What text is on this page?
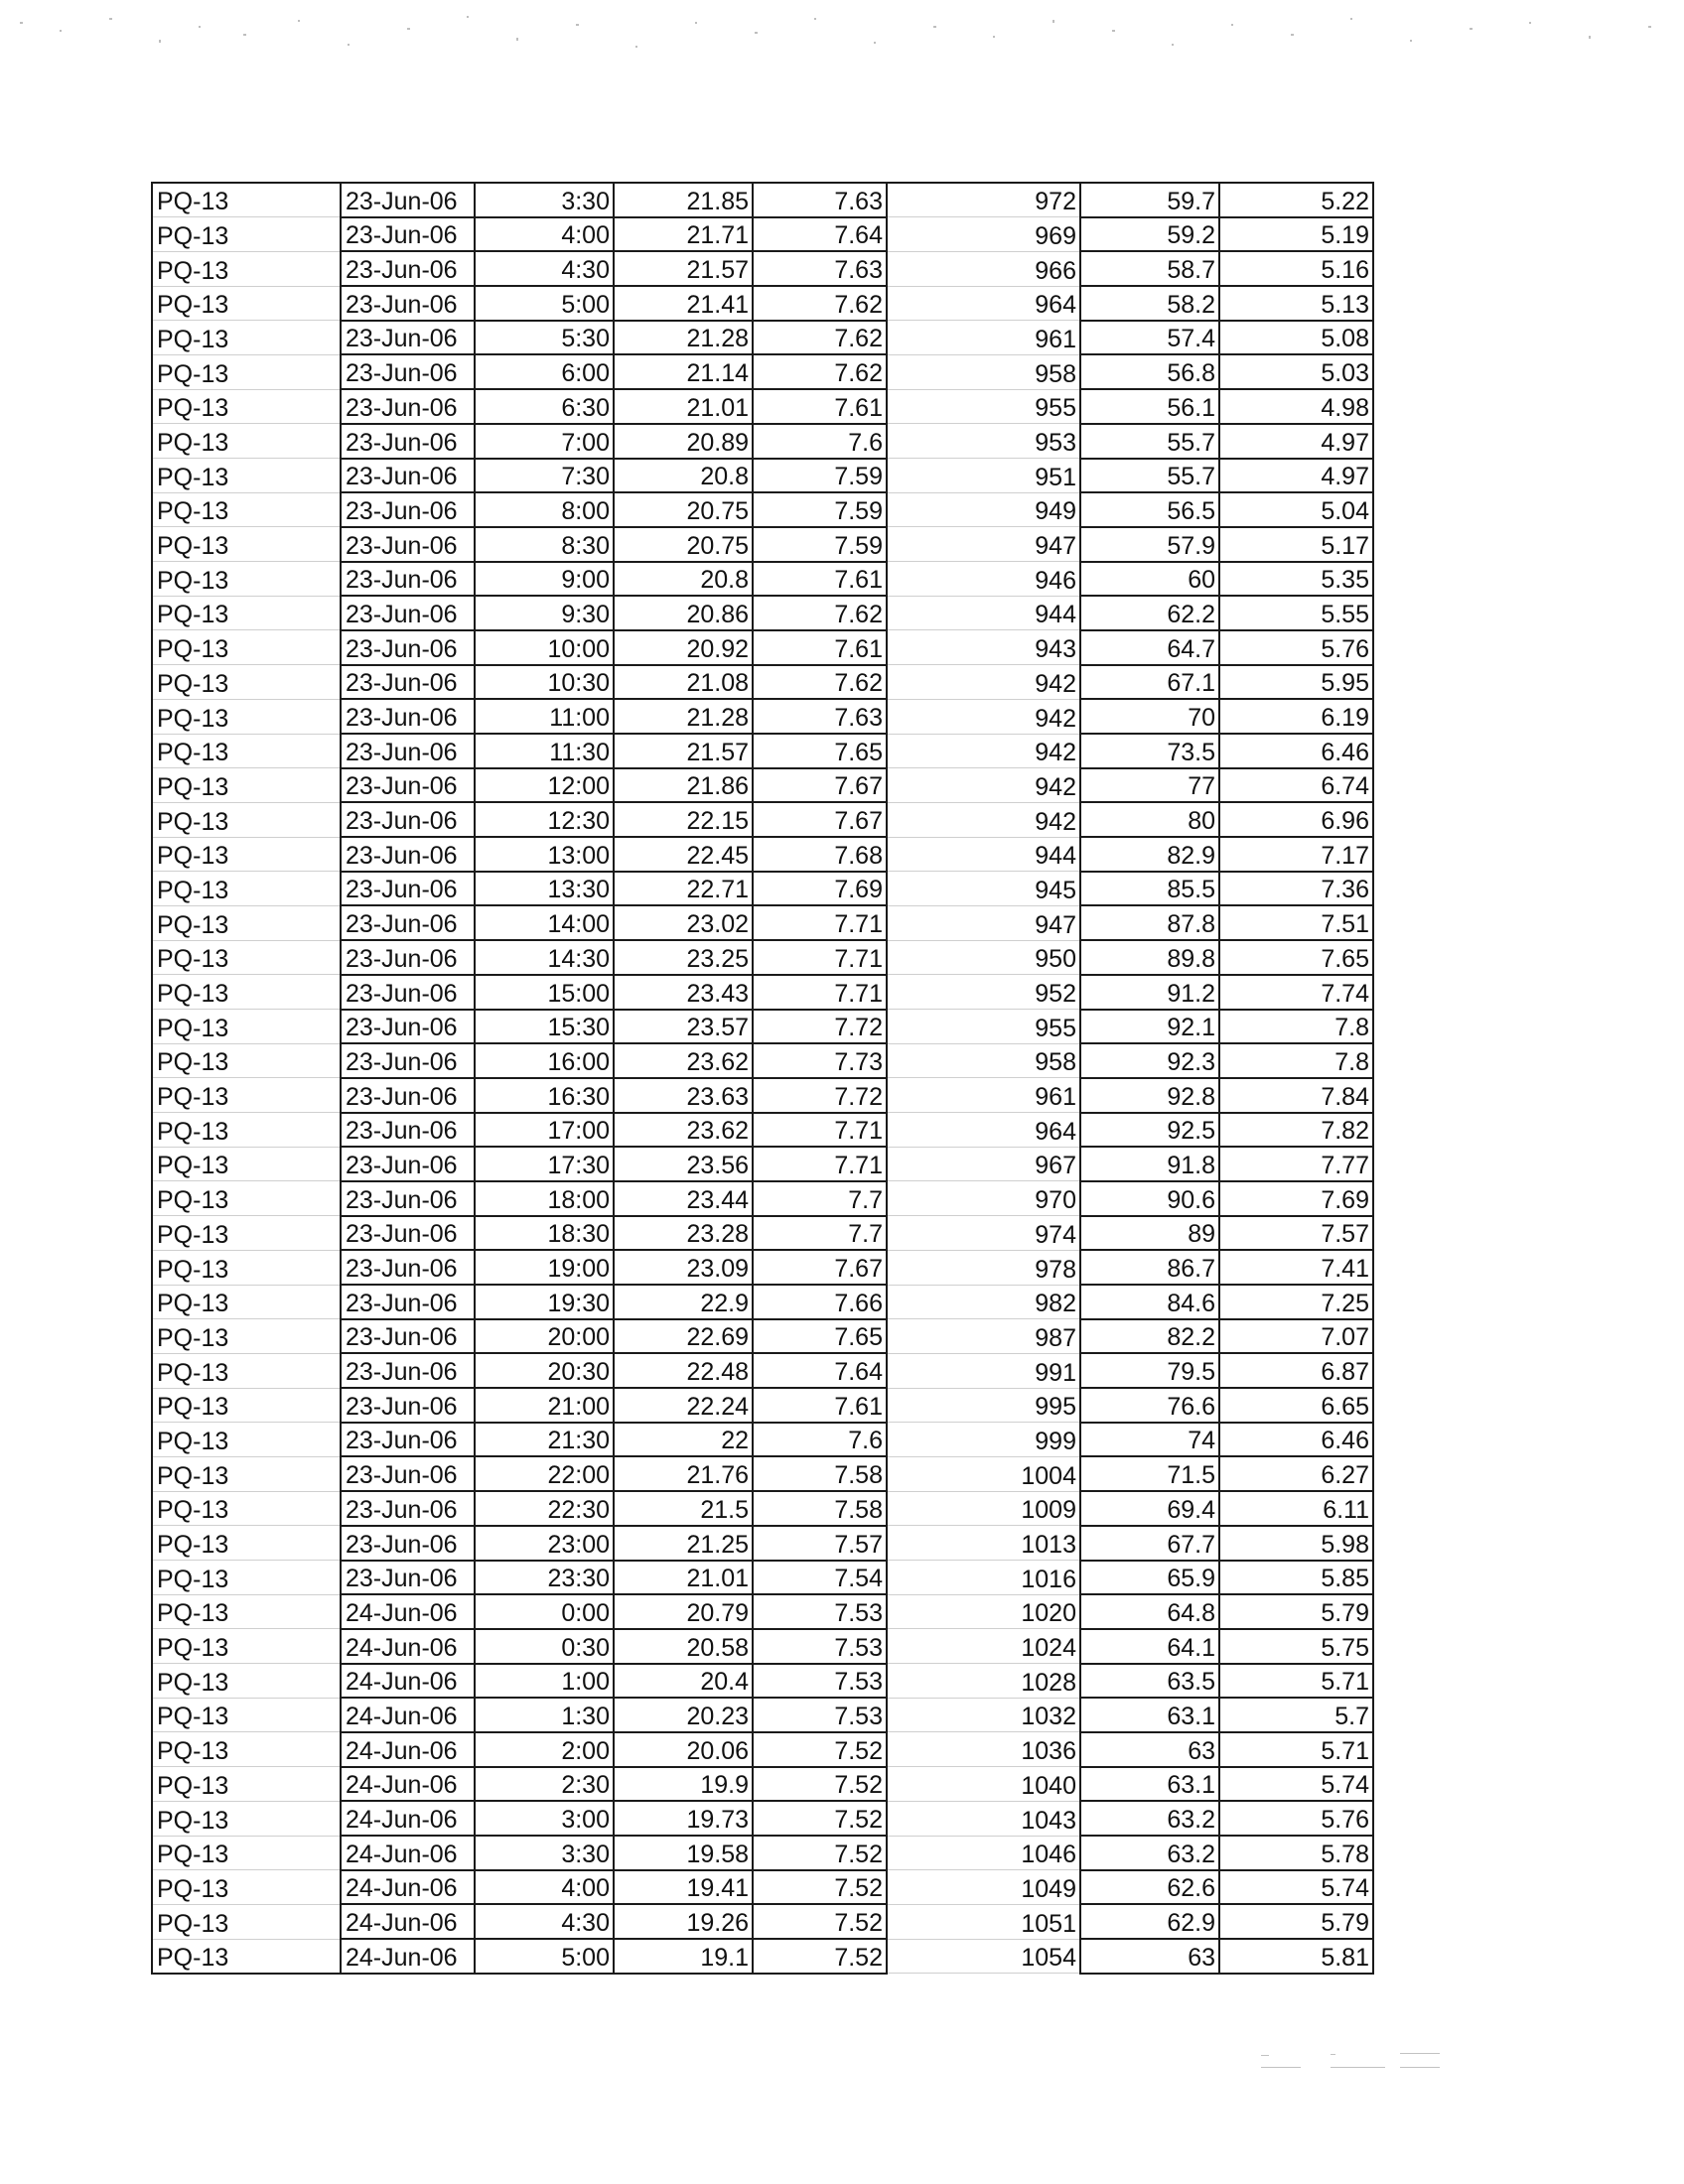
PQ-13	23-Jun-06	3:30	21.85	7.63	972	59.7	5.22
PQ-13	23-Jun-06	4:00	21.71	7.64	969	59.2	5.19
PQ-13	23-Jun-06	4:30	21.57	7.63	966	58.7	5.16
PQ-13	23-Jun-06	5:00	21.41	7.62	964	58.2	5.13
PQ-13	23-Jun-06	5:30	21.28	7.62	961	57.4	5.08
PQ-13	23-Jun-06	6:00	21.14	7.62	958	56.8	5.03
PQ-13	23-Jun-06	6:30	21.01	7.61	955	56.1	4.98
PQ-13	23-Jun-06	7:00	20.89	7.6	953	55.7	4.97
PQ-13	23-Jun-06	7:30	20.8	7.59	951	55.7	4.97
PQ-13	23-Jun-06	8:00	20.75	7.59	949	56.5	5.04
PQ-13	23-Jun-06	8:30	20.75	7.59	947	57.9	5.17
PQ-13	23-Jun-06	9:00	20.8	7.61	946	60	5.35
PQ-13	23-Jun-06	9:30	20.86	7.62	944	62.2	5.55
PQ-13	23-Jun-06	10:00	20.92	7.61	943	64.7	5.76
PQ-13	23-Jun-06	10:30	21.08	7.62	942	67.1	5.95
PQ-13	23-Jun-06	11:00	21.28	7.63	942	70	6.19
PQ-13	23-Jun-06	11:30	21.57	7.65	942	73.5	6.46
PQ-13	23-Jun-06	12:00	21.86	7.67	942	77	6.74
PQ-13	23-Jun-06	12:30	22.15	7.67	942	80	6.96
PQ-13	23-Jun-06	13:00	22.45	7.68	944	82.9	7.17
PQ-13	23-Jun-06	13:30	22.71	7.69	945	85.5	7.36
PQ-13	23-Jun-06	14:00	23.02	7.71	947	87.8	7.51
PQ-13	23-Jun-06	14:30	23.25	7.71	950	89.8	7.65
PQ-13	23-Jun-06	15:00	23.43	7.71	952	91.2	7.74
PQ-13	23-Jun-06	15:30	23.57	7.72	955	92.1	7.8
PQ-13	23-Jun-06	16:00	23.62	7.73	958	92.3	7.8
PQ-13	23-Jun-06	16:30	23.63	7.72	961	92.8	7.84
PQ-13	23-Jun-06	17:00	23.62	7.71	964	92.5	7.82
PQ-13	23-Jun-06	17:30	23.56	7.71	967	91.8	7.77
PQ-13	23-Jun-06	18:00	23.44	7.7	970	90.6	7.69
PQ-13	23-Jun-06	18:30	23.28	7.7	974	89	7.57
PQ-13	23-Jun-06	19:00	23.09	7.67	978	86.7	7.41
PQ-13	23-Jun-06	19:30	22.9	7.66	982	84.6	7.25
PQ-13	23-Jun-06	20:00	22.69	7.65	987	82.2	7.07
PQ-13	23-Jun-06	20:30	22.48	7.64	991	79.5	6.87
PQ-13	23-Jun-06	21:00	22.24	7.61	995	76.6	6.65
PQ-13	23-Jun-06	21:30	22	7.6	999	74	6.46
PQ-13	23-Jun-06	22:00	21.76	7.58	1004	71.5	6.27
PQ-13	23-Jun-06	22:30	21.5	7.58	1009	69.4	6.11
PQ-13	23-Jun-06	23:00	21.25	7.57	1013	67.7	5.98
PQ-13	23-Jun-06	23:30	21.01	7.54	1016	65.9	5.85
PQ-13	24-Jun-06	0:00	20.79	7.53	1020	64.8	5.79
PQ-13	24-Jun-06	0:30	20.58	7.53	1024	64.1	5.75
PQ-13	24-Jun-06	1:00	20.4	7.53	1028	63.5	5.71
PQ-13	24-Jun-06	1:30	20.23	7.53	1032	63.1	5.7
PQ-13	24-Jun-06	2:00	20.06	7.52	1036	63	5.71
PQ-13	24-Jun-06	2:30	19.9	7.52	1040	63.1	5.74
PQ-13	24-Jun-06	3:00	19.73	7.52	1043	63.2	5.76
PQ-13	24-Jun-06	3:30	19.58	7.52	1046	63.2	5.78
PQ-13	24-Jun-06	4:00	19.41	7.52	1049	62.6	5.74
PQ-13	24-Jun-06	4:30	19.26	7.52	1051	62.9	5.79
PQ-13	24-Jun-06	5:00	19.1	7.52	1054	63	5.81
